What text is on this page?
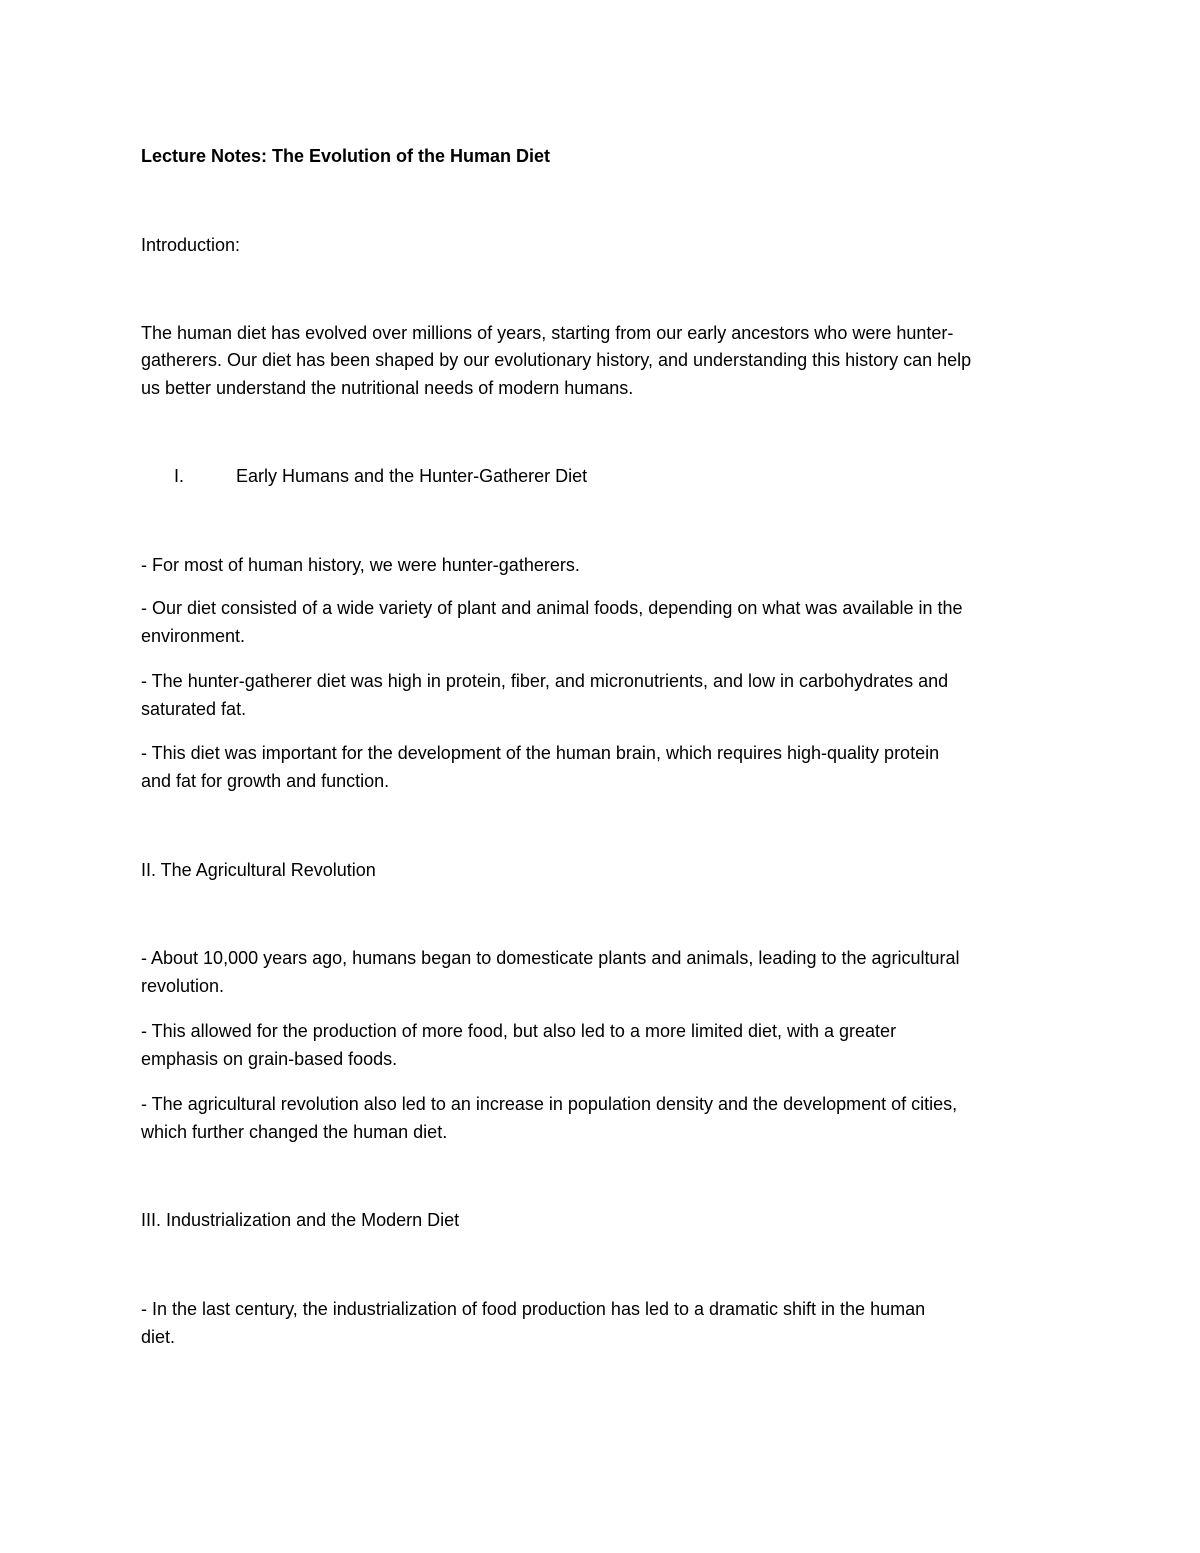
Lecture Notes: The Evolution of the Human Diet
Introduction:
The human diet has evolved over millions of years, starting from our early ancestors who were hunter-
gatherers. Our diet has been shaped by our evolutionary history, and understanding this history can help
us better understand the nutritional needs of modern humans.
I.	Early Humans and the Hunter-Gatherer Diet
- For most of human history, we were hunter-gatherers.
- Our diet consisted of a wide variety of plant and animal foods, depending on what was available in the
environment.
- The hunter-gatherer diet was high in protein, fiber, and micronutrients, and low in carbohydrates and
saturated fat.
- This diet was important for the development of the human brain, which requires high-quality protein
and fat for growth and function.
II. The Agricultural Revolution
- About 10,000 years ago, humans began to domesticate plants and animals, leading to the agricultural
revolution.
- This allowed for the production of more food, but also led to a more limited diet, with a greater
emphasis on grain-based foods.
- The agricultural revolution also led to an increase in population density and the development of cities,
which further changed the human diet.
III. Industrialization and the Modern Diet
- In the last century, the industrialization of food production has led to a dramatic shift in the human
diet.
